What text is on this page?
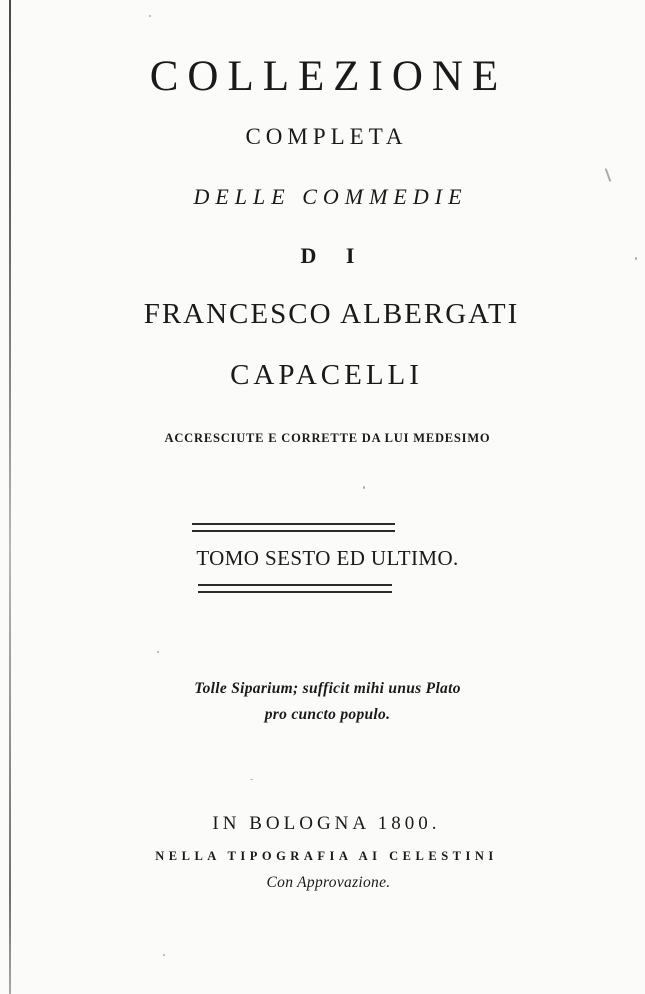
COLLEZIONE
COMPLETA
DELLE COMMEDIE
D I
FRANCESCO ALBERGATI
CAPACELLI
ACCRESCIUTE E CORRETTE DA LUI MEDESIMO
TOMO SESTO ED ULTIMO.
Tolle Siparium; sufficit mihi unus Plato
pro cuncto populo.
IN BOLOGNA 1800.
NELLA TIPOGRAFIA AI CELESTINI
Con Approvazione.
